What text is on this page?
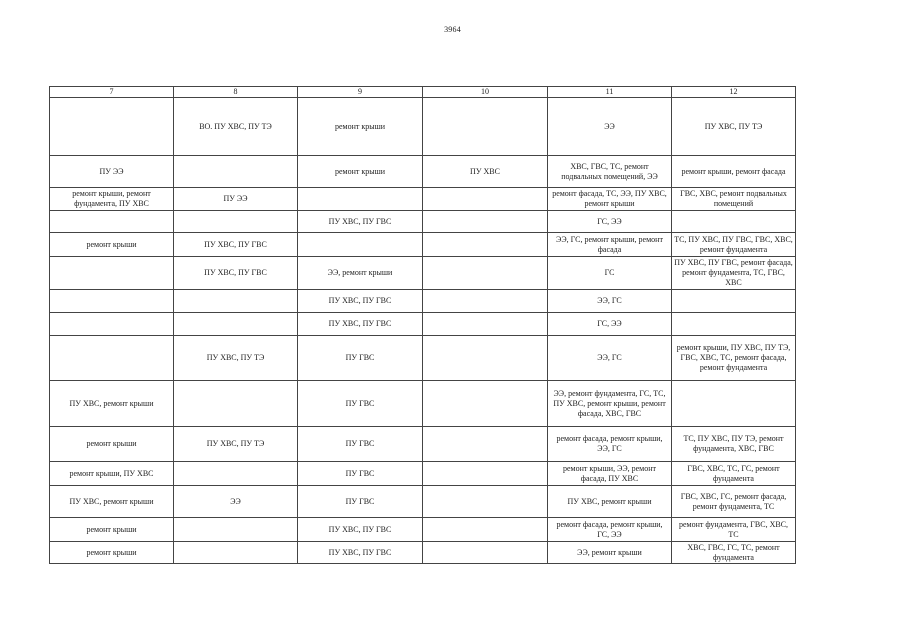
3964
7	8	9	10	11	12
	ВО. ПУ ХВС, ПУ ТЭ	ремонт крыши		ЭЭ	ПУ ХВС, ПУ ТЭ
ПУ ЭЭ		ремонт крыши	ПУ ХВС	ХВС, ГВС, ТС, ремонт подвальных помещений, ЭЭ	ремонт крыши, ремонт фасада
ремонт крыши, ремонт фундамента, ПУ ХВС	ПУ ЭЭ			ремонт фасада, ТС, ЭЭ, ПУ ХВС, ремонт крыши	ГВС, ХВС, ремонт подвальных помещений
		ПУ ХВС, ПУ ГВС		ГС, ЭЭ	
ремонт крыши	ПУ ХВС, ПУ ГВС			ЭЭ, ГС, ремонт крыши, ремонт фасада	ТС, ПУ ХВС, ПУ ГВС, ГВС, ХВС, ремонт фундамента
	ПУ ХВС, ПУ ГВС	ЭЭ, ремонт крыши		ГС	ПУ ХВС, ПУ ГВС, ремонт фасада, ремонт фундамента, ТС, ГВС, ХВС
		ПУ ХВС, ПУ ГВС		ЭЭ, ГС	
		ПУ ХВС, ПУ ГВС		ГС, ЭЭ	
	ПУ ХВС, ПУ ТЭ	ПУ ГВС		ЭЭ, ГС	ремонт крыши, ПУ ХВС, ПУ ТЭ, ГВС, ХВС, ТС, ремонт фасада, ремонт фундамента
ПУ ХВС, ремонт крыши		ПУ ГВС		ЭЭ, ремонт фундамента, ГС, ТС, ПУ ХВС, ремонт крыши, ремонт фасада, ХВС, ГВС	
ремонт крыши	ПУ ХВС, ПУ ТЭ	ПУ ГВС		ремонт фасада, ремонт крыши, ЭЭ, ГС	ТС, ПУ ХВС, ПУ ТЭ, ремонт фундамента, ХВС, ГВС
ремонт крыши, ПУ ХВС		ПУ ГВС		ремонт крыши, ЭЭ, ремонт фасада, ПУ ХВС	ГВС, ХВС, ТС, ГС, ремонт фундамента
ПУ ХВС, ремонт крыши	ЭЭ	ПУ ГВС		ПУ ХВС, ремонт крыши	ГВС, ХВС, ГС, ремонт фасада, ремонт фундамента, ТС
ремонт крыши		ПУ ХВС, ПУ ГВС		ремонт фасада, ремонт крыши, ГС, ЭЭ	ремонт фундамента, ГВС, ХВС, ТС
ремонт крыши		ПУ ХВС, ПУ ГВС		ЭЭ, ремонт крыши	ХВС, ГВС, ГС, ТС, ремонт фундамента
